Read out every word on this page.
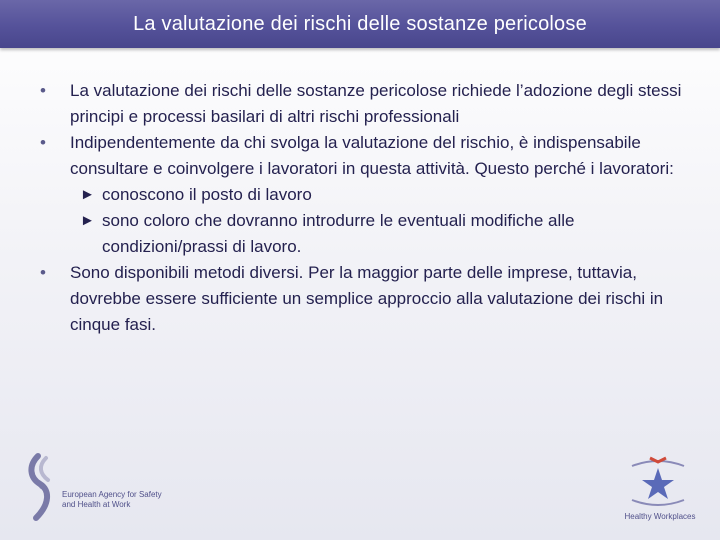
La valutazione dei rischi delle sostanze pericolose

•	La valutazione dei rischi delle sostanze pericolose richiede l’adozione degli stessi principi e processi basilari di altri rischi professionali

•	Indipendentemente da chi svolga la valutazione del rischio, è indispensabile consultare e coinvolgere i lavoratori in questa attività. Questo perché i lavoratori:

► conoscono il posto di lavoro

► sono coloro che dovranno introdurre le eventuali modifiche alle condizioni/prassi di lavoro.

•	Sono disponibili metodi diversi. Per la maggior parte delle imprese, tuttavia, dovrebbe essere sufficiente un semplice approccio alla valutazione dei rischi in cinque fasi.

European Agency for Safety and Health at Work
Healthy Workplaces
